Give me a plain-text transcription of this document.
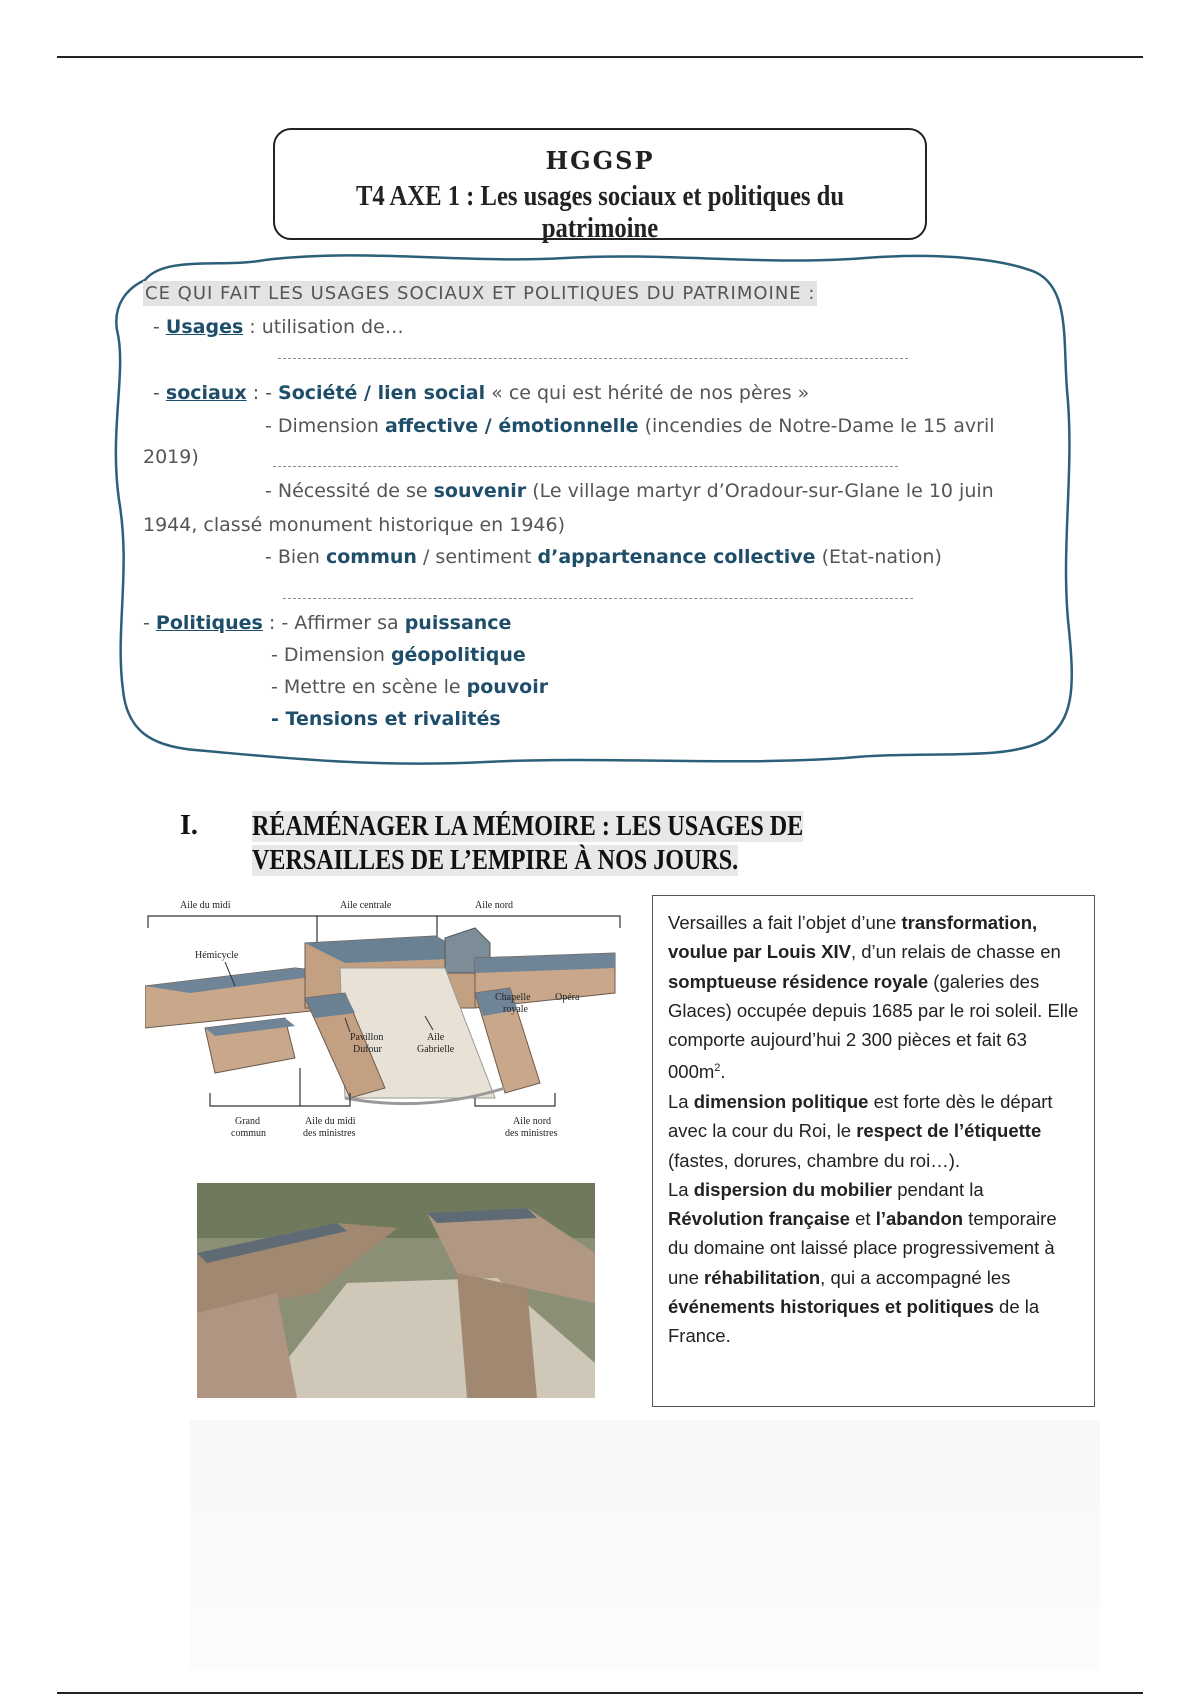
HGGSP
T4 AXE 1 : Les usages sociaux et politiques du patrimoine
CE QUI FAIT LES USAGES SOCIAUX ET POLITIQUES DU PATRIMOINE :
- Usages : utilisation de…
- sociaux : - Société / lien social « ce qui est hérité de nos pères »
- Dimension affective / émotionnelle (incendies de Notre-Dame le 15 avril
2019)
- Nécessité de se souvenir (Le village martyr d’Oradour-sur-Glane le 10 juin
1944, classé monument historique en 1946)
- Bien commun / sentiment d’appartenance collective (Etat-nation)
- Politiques : - Affirmer sa puissance
- Dimension géopolitique
- Mettre en scène le pouvoir
- Tensions et rivalités
I. RÉAMÉNAGER LA MÉMOIRE : LES USAGES DE VERSAILLES DE L’EMPIRE À NOS JOURS.
Aile du midi	Aile centrale	Aile nord
Hémicycle
Chapelle
royale
Opéra
Pavillon
Dufour
Aile
Gabrielle
Grand
commun
Aile du midi
des ministres
Aile nord
des ministres
Versailles a fait l’objet d’une transformation, voulue par Louis XIV, d’un relais de chasse en somptueuse résidence royale (galeries des Glaces) occupée depuis 1685 par le roi soleil. Elle comporte aujourd’hui 2 300 pièces et fait 63 $000m^2$.
La dimension politique est forte dès le départ avec la cour du Roi, le respect de l’étiquette (fastes, dorures, chambre du roi…).
La dispersion du mobilier pendant la Révolution française et l’abandon temporaire du domaine ont laissé place progressivement à une réhabilitation, qui a accompagné les événements historiques et politiques de la France.
